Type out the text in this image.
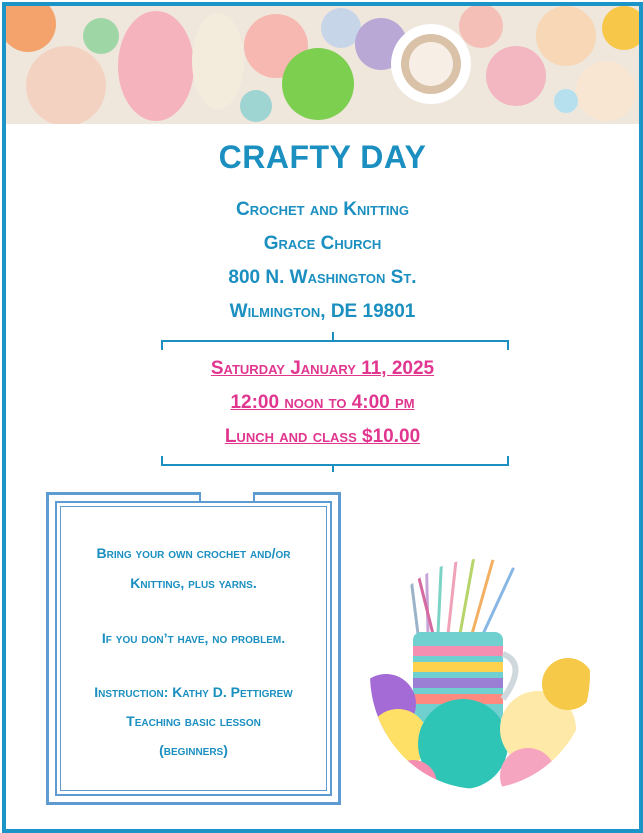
CRAFTY DAY
Crochet and Knitting
Grace Church
800 N. Washington St.
Wilmington, DE 19801
Saturday January 11, 2025
12:00 noon to 4:00 pm
Lunch and class $10.00
Bring your own crochet and/or
Knitting, plus yarns.
If you don’t have, no problem.
Instruction: Kathy D. Pettigrew
Teaching basic lesson
(beginners)
